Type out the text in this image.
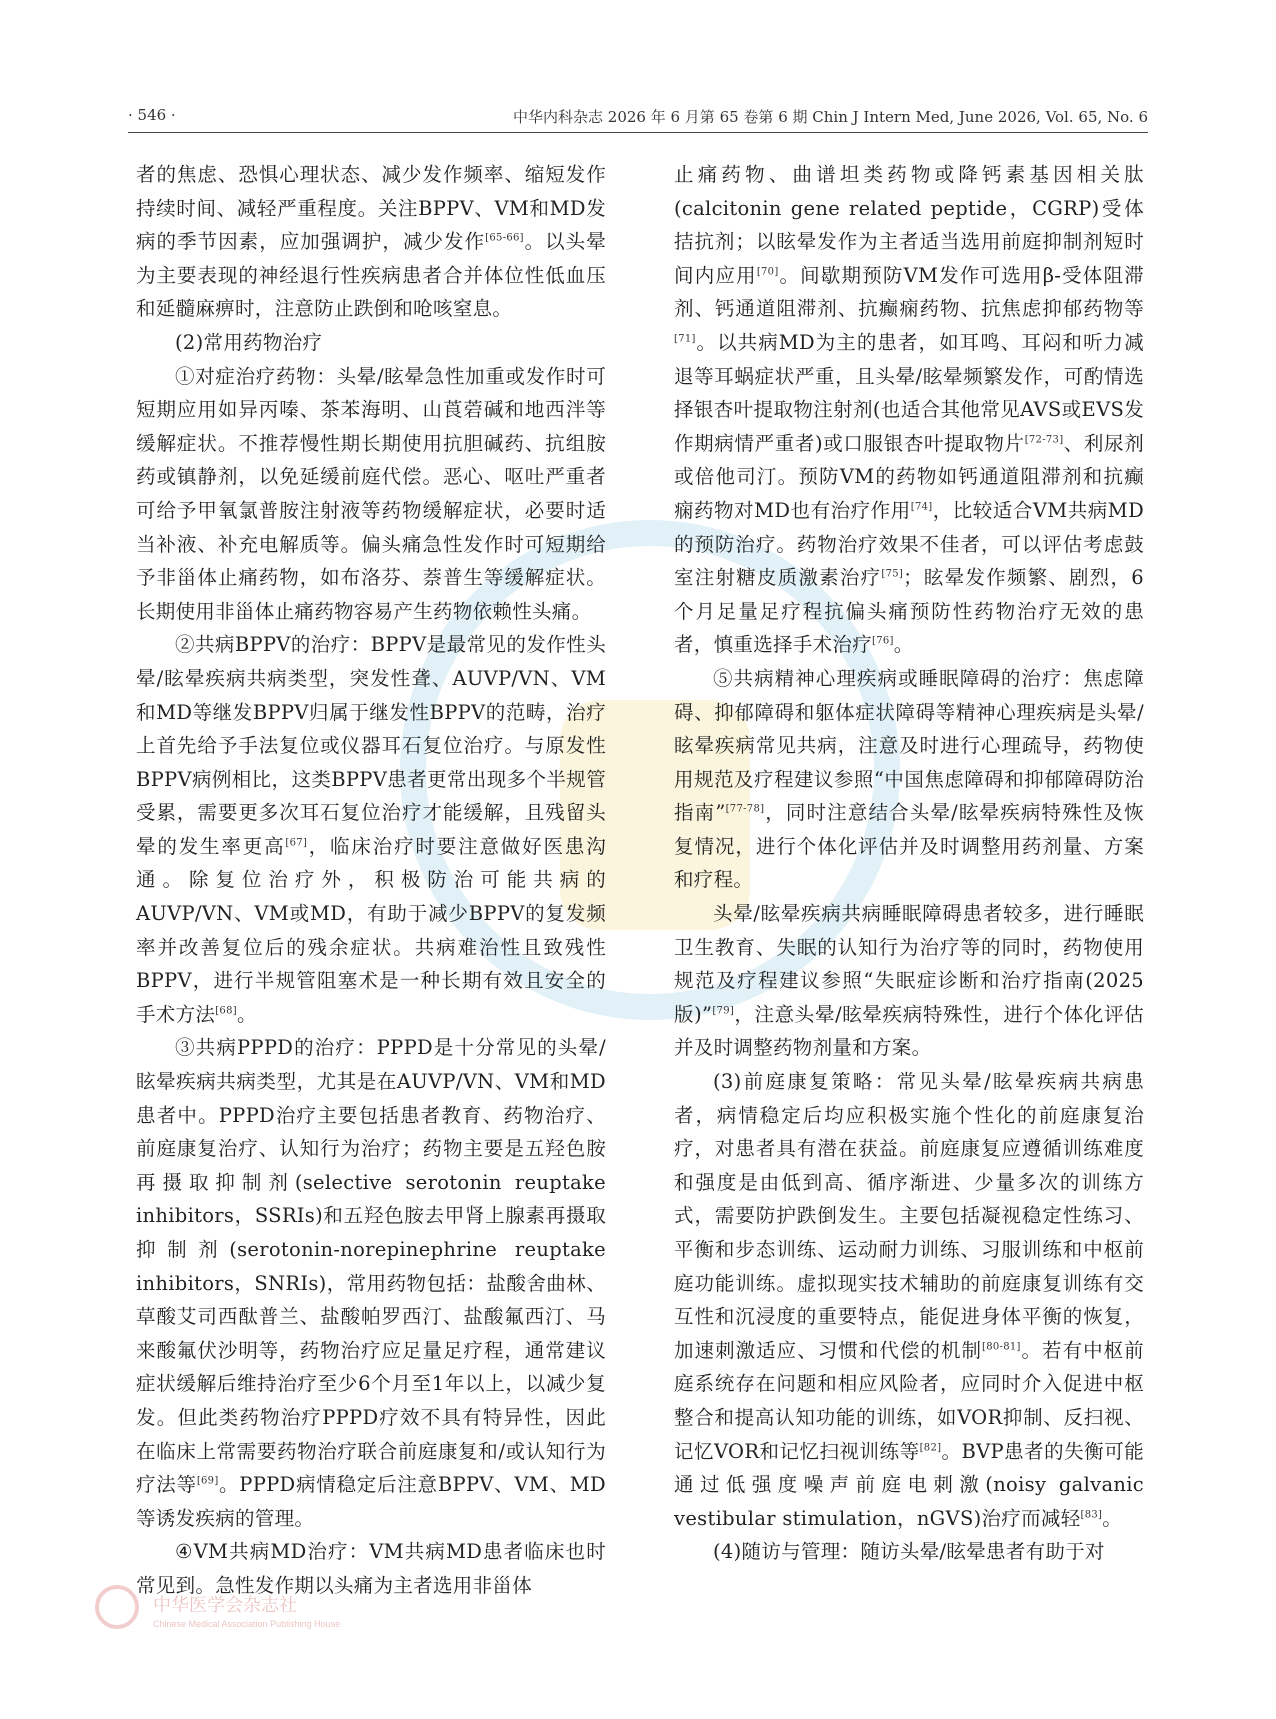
· 546 ·	中华内科杂志 2026 年 6 月第 65 卷第 6 期 Chin J Intern Med, June 2026, Vol. 65, No. 6

者的焦虑、恐惧心理状态、减少发作频率、缩短发作持续时间、减轻严重程度。关注BPPV、VM和MD发病的季节因素，应加强调护，减少发作[65-66]。以头晕为主要表现的神经退行性疾病患者合并体位性低血压和延髓麻痹时，注意防止跌倒和呛咳窒息。

(2)常用药物治疗

①对症治疗药物：头晕/眩晕急性加重或发作时可短期应用如异丙嗪、茶苯海明、山莨菪碱和地西泮等缓解症状。不推荐慢性期长期使用抗胆碱药、抗组胺药或镇静剂，以免延缓前庭代偿。恶心、呕吐严重者可给予甲氧氯普胺注射液等药物缓解症状，必要时适当补液、补充电解质等。偏头痛急性发作时可短期给予非甾体止痛药物，如布洛芬、萘普生等缓解症状。长期使用非甾体止痛药物容易产生药物依赖性头痛。

②共病BPPV的治疗：BPPV是最常见的发作性头晕/眩晕疾病共病类型，突发性聋、AUVP/VN、VM和MD等继发BPPV归属于继发性BPPV的范畴，治疗上首先给予手法复位或仪器耳石复位治疗。与原发性BPPV病例相比，这类BPPV患者更常出现多个半规管受累，需要更多次耳石复位治疗才能缓解，且残留头晕的发生率更高[67]，临床治疗时要注意做好医患沟通。除复位治疗外，积极防治可能共病的AUVP/VN、VM或MD，有助于减少BPPV的复发频率并改善复位后的残余症状。共病难治性且致残性BPPV，进行半规管阻塞术是一种长期有效且安全的手术方法[68]。

③共病PPPD的治疗：PPPD是十分常见的头晕/眩晕疾病共病类型，尤其是在AUVP/VN、VM和MD患者中。PPPD治疗主要包括患者教育、药物治疗、前庭康复治疗、认知行为治疗；药物主要是五羟色胺再摄取抑制剂(selective serotonin reuptake inhibitors，SSRIs)和五羟色胺去甲肾上腺素再摄取抑制剂(serotonin-norepinephrine reuptake inhibitors，SNRIs)，常用药物包括：盐酸舍曲林、草酸艾司西酞普兰、盐酸帕罗西汀、盐酸氟西汀、马来酸氟伏沙明等，药物治疗应足量足疗程，通常建议症状缓解后维持治疗至少6个月至1年以上，以减少复发。但此类药物治疗PPPD疗效不具有特异性，因此在临床上常需要药物治疗联合前庭康复和/或认知行为疗法等[69]。PPPD病情稳定后注意BPPV、VM、MD等诱发疾病的管理。

④VM共病MD治疗：VM共病MD患者临床也时常见到。急性发作期以头痛为主者选用非甾体

止痛药物、曲谱坦类药物或降钙素基因相关肽(calcitonin gene related peptide，CGRP)受体拮抗剂；以眩晕发作为主者适当选用前庭抑制剂短时间内应用[70]。间歇期预防VM发作可选用β-受体阻滞剂、钙通道阻滞剂、抗癫痫药物、抗焦虑抑郁药物等[71]。以共病MD为主的患者，如耳鸣、耳闷和听力减退等耳蜗症状严重，且头晕/眩晕频繁发作，可酌情选择银杏叶提取物注射剂(也适合其他常见AVS或EVS发作期病情严重者)或口服银杏叶提取物片[72-73]、利尿剂或倍他司汀。预防VM的药物如钙通道阻滞剂和抗癫痫药物对MD也有治疗作用[74]，比较适合VM共病MD的预防治疗。药物治疗效果不佳者，可以评估考虑鼓室注射糖皮质激素治疗[75]；眩晕发作频繁、剧烈，6个月足量足疗程抗偏头痛预防性药物治疗无效的患者，慎重选择手术治疗[76]。

⑤共病精神心理疾病或睡眠障碍的治疗：焦虑障碍、抑郁障碍和躯体症状障碍等精神心理疾病是头晕/眩晕疾病常见共病，注意及时进行心理疏导，药物使用规范及疗程建议参照“中国焦虑障碍和抑郁障碍防治指南”[77-78]，同时注意结合头晕/眩晕疾病特殊性及恢复情况，进行个体化评估并及时调整用药剂量、方案和疗程。

头晕/眩晕疾病共病睡眠障碍患者较多，进行睡眠卫生教育、失眠的认知行为治疗等的同时，药物使用规范及疗程建议参照“失眠症诊断和治疗指南(2025版)”[79]，注意头晕/眩晕疾病特殊性，进行个体化评估并及时调整药物剂量和方案。

(3)前庭康复策略：常见头晕/眩晕疾病共病患者，病情稳定后均应积极实施个性化的前庭康复治疗，对患者具有潜在获益。前庭康复应遵循训练难度和强度是由低到高、循序渐进、少量多次的训练方式，需要防护跌倒发生。主要包括凝视稳定性练习、平衡和步态训练、运动耐力训练、习服训练和中枢前庭功能训练。虚拟现实技术辅助的前庭康复训练有交互性和沉浸度的重要特点，能促进身体平衡的恢复，加速刺激适应、习惯和代偿的机制[80-81]。若有中枢前庭系统存在问题和相应风险者，应同时介入促进中枢整合和提高认知功能的训练，如VOR抑制、反扫视、记忆VOR和记忆扫视训练等[82]。BVP患者的失衡可能通过低强度噪声前庭电刺激(noisy galvanic vestibular stimulation，nGVS)治疗而减轻[83]。

(4)随访与管理：随访头晕/眩晕患者有助于对

中华医学会杂志社
Chinese Medical Association Publishing House
